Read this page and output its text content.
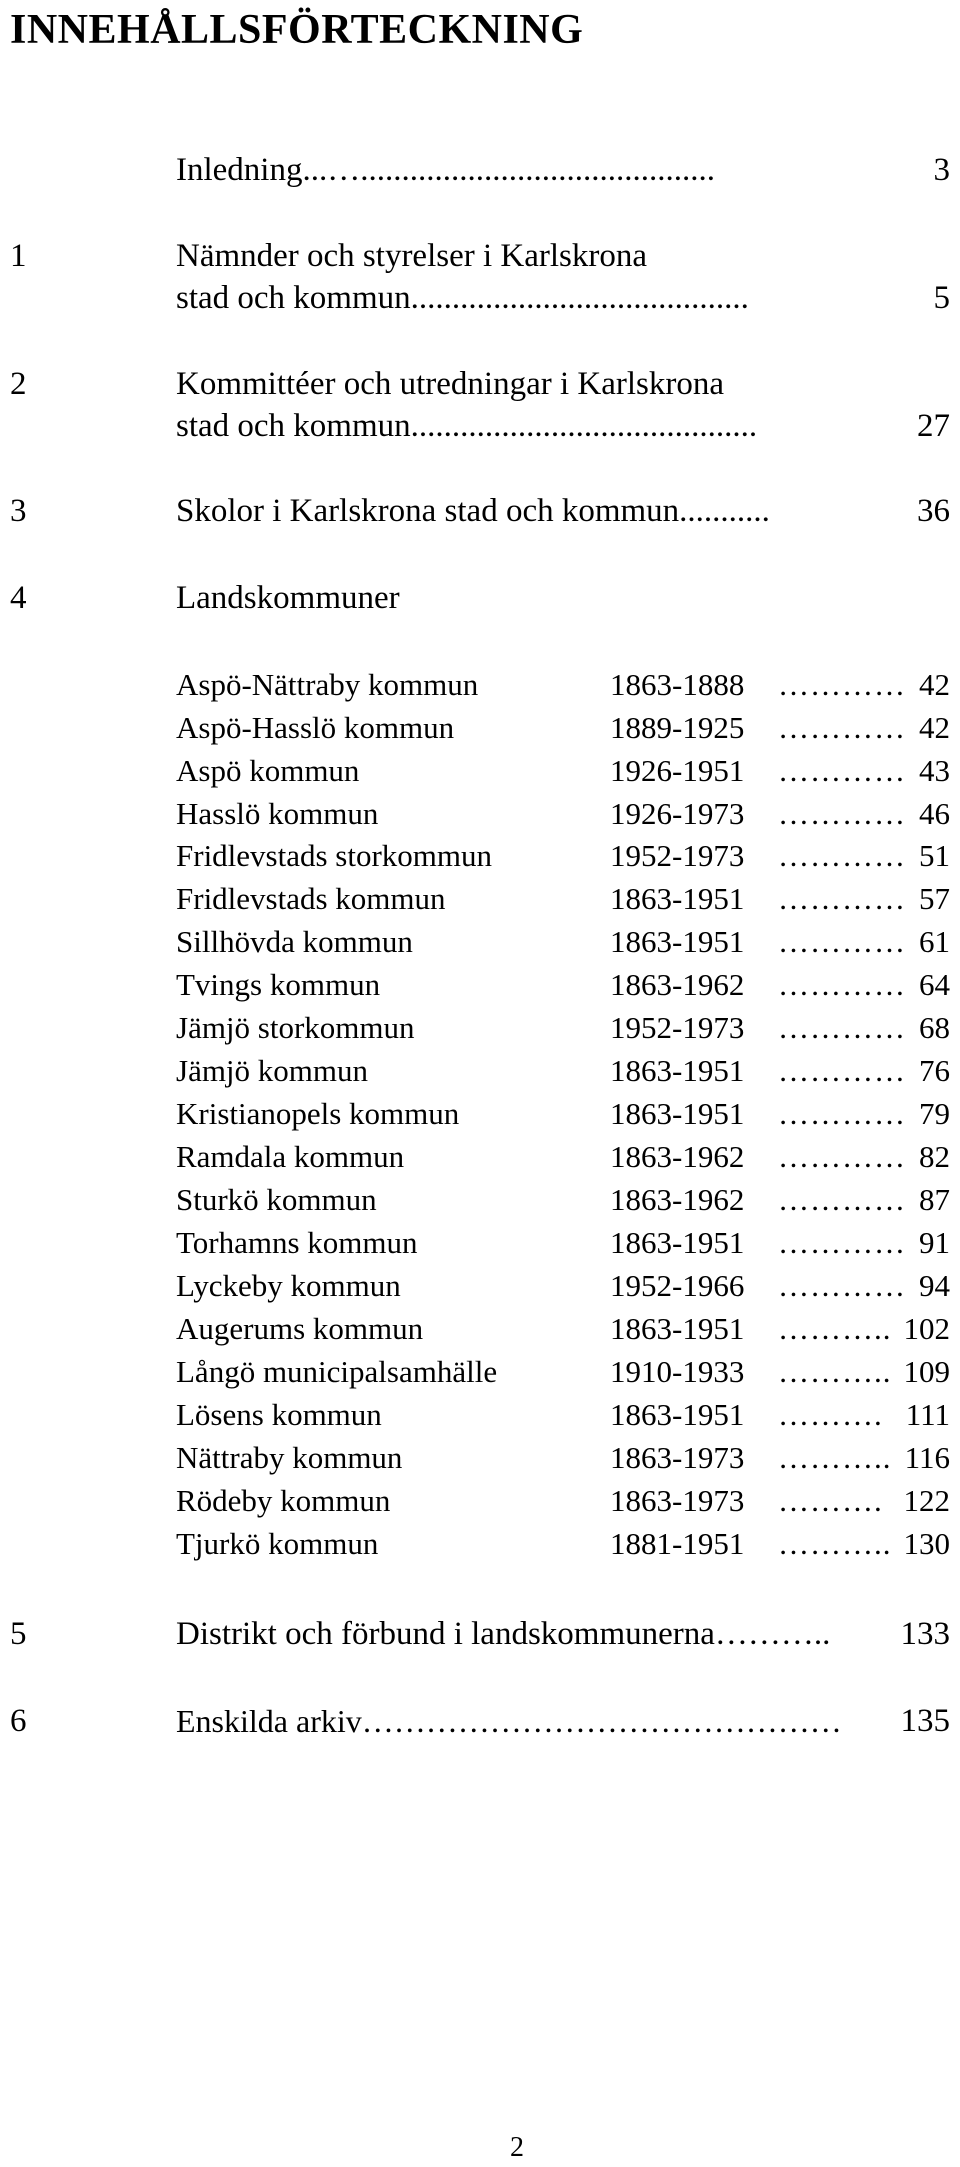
INNEHÅLLSFÖRTECKNING
Inledning...…...........................................	3
1	Nämnder och styrelser i Karlskrona
stad och kommun.........................................	5
2	Kommittéer och utredningar i Karlskrona
stad och kommun..........................................	27
3	Skolor i Karlskrona stad och kommun...........	36
4	Landskommuner
Aspö-Nättraby kommun	1863-1888 ………… 42
Aspö-Hasslö kommun	1889-1925 ………… 42
Aspö kommun	1926-1951 ………… 43
Hasslö kommun	1926-1973 ………… 46
Fridlevstads storkommun	1952-1973 ………… 51
Fridlevstads kommun	1863-1951 ………… 57
Sillhövda kommun	1863-1951 ………… 61
Tvings kommun	1863-1962 ………… 64
Jämjö storkommun	1952-1973 ………… 68
Jämjö kommun	1863-1951 ………… 76
Kristianopels kommun	1863-1951 ………… 79
Ramdala kommun	1863-1962 ………… 82
Sturkö kommun	1863-1962 ………… 87
Torhamns kommun	1863-1951 ………… 91
Lyckeby kommun	1952-1966 ………… 94
Augerums kommun	1863-1951 ……….. 102
Långö municipalsamhälle	1910-1933 ……….. 109
Lösens kommun	1863-1951 ………. 111
Nättraby kommun	1863-1973 ……….. 116
Rödeby kommun	1863-1973 ………. 122
Tjurkö kommun	1881-1951 ……….. 130
5	Distrikt och förbund i landskommunerna……….. 133
6	Enskilda arkiv……………………………………… 135
2
